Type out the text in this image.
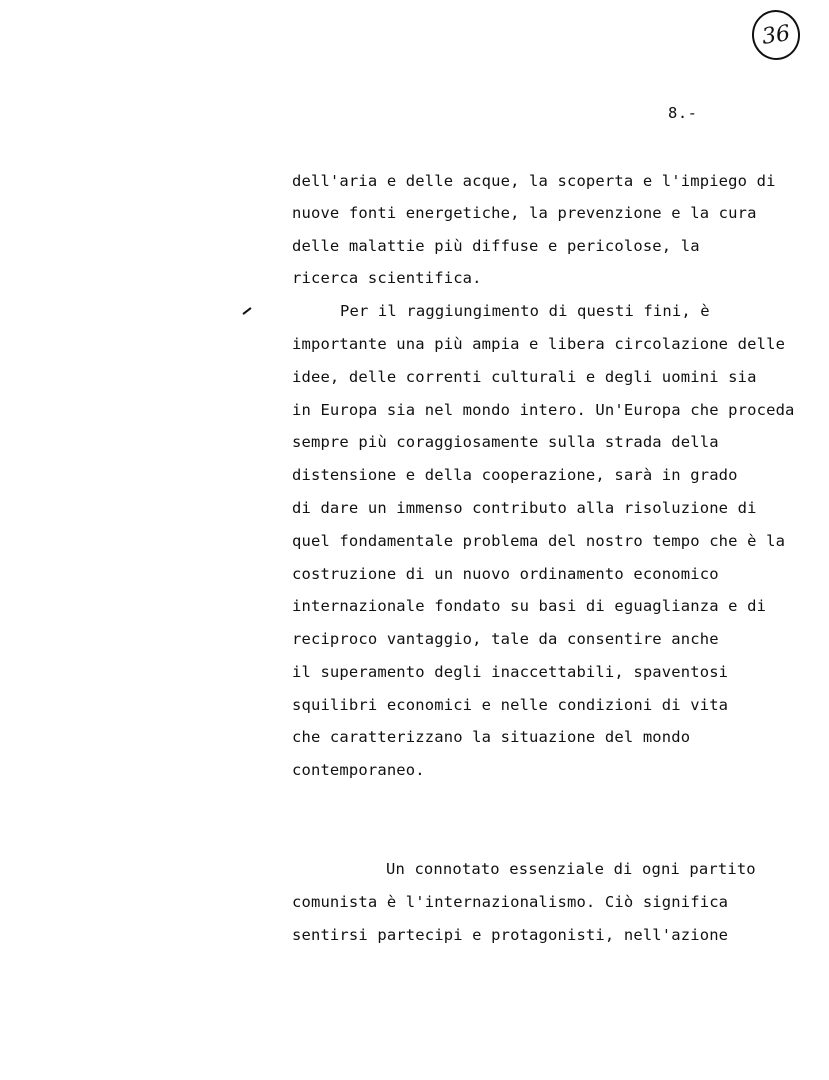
36
8.-
dell'aria e delle acque, la scoperta e l'impiego di
nuove fonti energetiche, la prevenzione e la cura
delle malattie più diffuse e pericolose, la
ricerca scientifica.
Per il raggiungimento di questi fini, è
importante una più ampia e libera circolazione delle
idee, delle correnti culturali e degli uomini sia
in Europa sia nel mondo intero. Un'Europa che proceda
sempre più coraggiosamente sulla strada della
distensione e della cooperazione, sarà in grado
di dare un immenso contributo alla risoluzione di
quel fondamentale problema del nostro tempo che è la
costruzione di un nuovo ordinamento economico
internazionale fondato su basi di eguaglianza e di
reciproco vantaggio, tale da consentire anche
il superamento degli inaccettabili, spaventosi
squilibri economici e nelle condizioni di vita
che caratterizzano la situazione del mondo
contemporaneo.
Un connotato essenziale di ogni partito
comunista è l'internazionalismo. Ciò significa
sentirsi partecipi e protagonisti, nell'azione
